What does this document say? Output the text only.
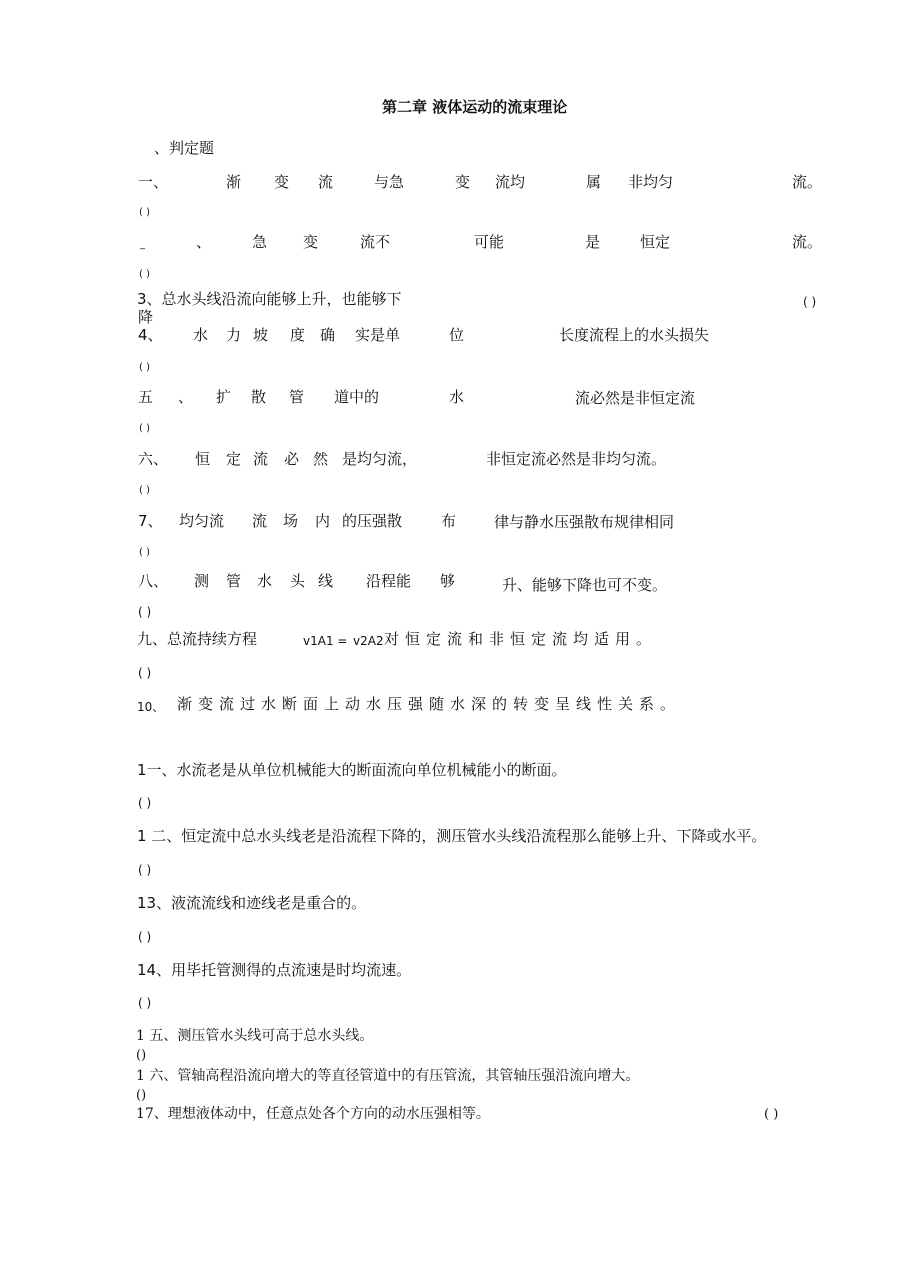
第二章 液体运动的流束理论
、判定题
一、	渐 变 流	与急	变 流均	属 非均匀	流。
( )
_	、	急 变	流不	可能	是	恒定	流。
( )
3、总水头线沿流向能够上升，也能够下
降
( )
4、 水 力 坡 度 确 实是单	位	长度流程上的水头损失
( )
五 、 扩 散 管 道中的	水	流必然是非恒定流
( )
六、 恒 定 流 必 然 是均匀流，	非恒定流必然是非均匀流。
( )
7、 均匀流 流 场 内 的压强散	布	律与静水压强散布规律相同
( )
八、 测 管 水 头 线 沿程能 够	升、能够下降也可不变。
( )
九、总流持续方程	v1A1 = v2A2 对恒定流和非恒定流均适用。
( )
10、 渐变流过水断面上动水压强随水深的转变呈线性关系。
1一、水流老是从单位机械能大的断面流向单位机械能小的断面。
( )
1 二、恒定流中总水头线老是沿流程下降的，测压管水头线沿流程那么能够上升、下降或水平。
( )
13、液流流线和迹线老是重合的。
( )
14、用毕托管测得的点流速是时均流速。
( )
1 五、测压管水头线可高于总水头线。
()
1 六、管轴高程沿流向增大的等直径管道中的有压管流，其管轴压强沿流向增大。
()
17、理想液体动中，任意点处各个方向的动水压强相等。	( )
